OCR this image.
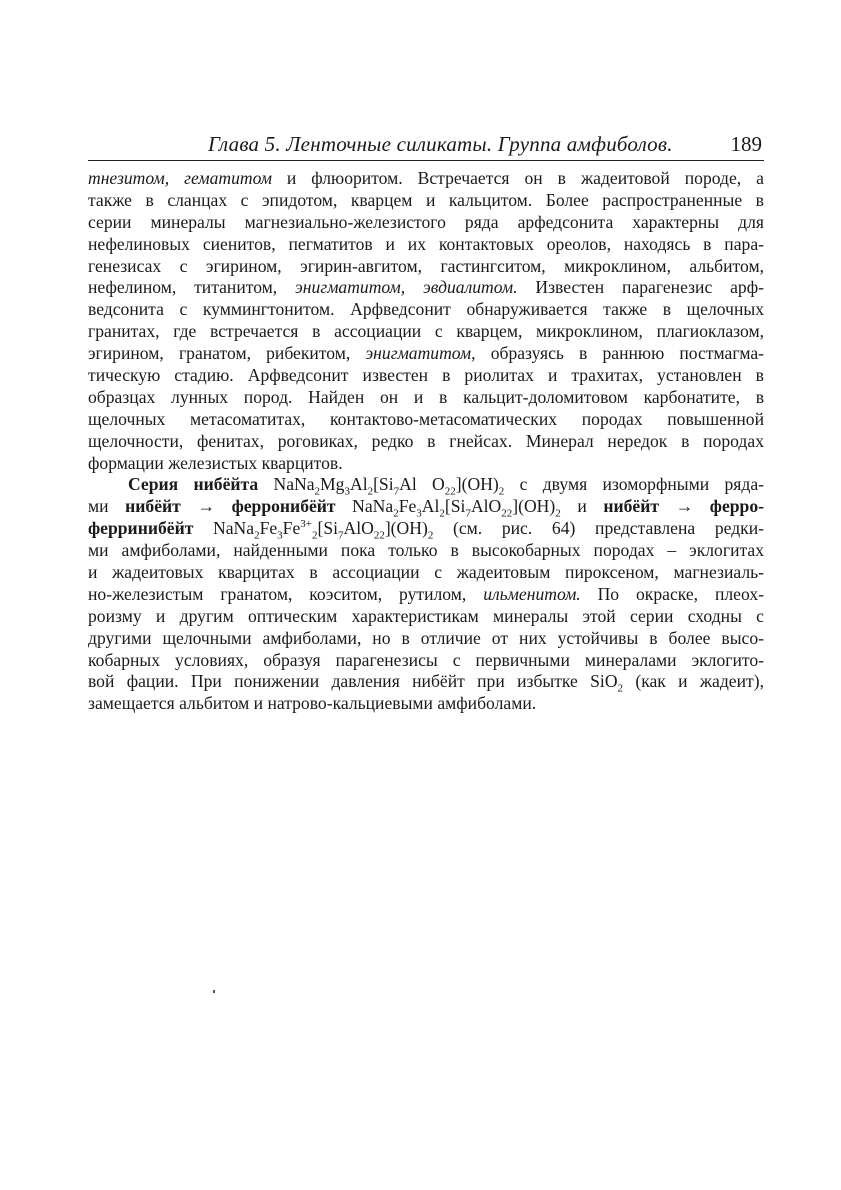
Глава 5. Ленточные силикаты. Группа амфиболов.	189
тнезитом, гематитом и флюоритом. Встречается он в жадеитовой породе, а
также в сланцах с эпидотом, кварцем и кальцитом. Более распространенные в
серии минералы магнезиально-железистого ряда арфедсонита характерны для
нефелиновых сиенитов, пегматитов и их контактовых ореолов, находясь в пара-
генезисах с эгирином, эгирин-авгитом, гастингситом, микроклином, альбитом,
нефелином, титанитом, энигматитом, эвдиалитом. Известен парагенезис арф-
ведсонита с куммингтонитом. Арфведсонит обнаруживается также в щелочных
гранитах, где встречается в ассоциации с кварцем, микроклином, плагиоклазом,
эгирином, гранатом, рибекитом, энигматитом, образуясь в раннюю постмагма-
тическую стадию. Арфведсонит известен в риолитах и трахитах, установлен в
образцах лунных пород. Найден он и в кальцит-доломитовом карбонатите, в
щелочных метасоматитах, контактово-метасоматических породах повышенной
щелочности, фенитах, роговиках, редко в гнейсах. Минерал нередок в породах
формации железистых кварцитов.
Серия нибёйта $NaNa_2Mg_3Al_2[Si_7Al$ $O_{22}](OH)_2$ с двумя изоморфными ряда-
ми нибёйт → ферронибёйт $NaNa_2Fe_3Al_2[Si_7AlO_{22}](OH)_2$ и нибёйт → ферро-
ферринибёйт $NaNa_2Fe_3Fe^{3+}_2[Si_7AlO_{22}](OH)_2$ (см. рис. 64) представлена редки-
ми амфиболами, найденными пока только в высокобарных породах – эклогитах
и жадеитовых кварцитах в ассоциации с жадеитовым пироксеном, магнезиаль-
но-железистым гранатом, коэситом, рутилом, ильменитом. По окраске, плеох-
роизму и другим оптическим характеристикам минералы этой серии сходны с
другими щелочными амфиболами, но в отличие от них устойчивы в более высо-
кобарных условиях, образуя парагенезисы с первичными минералами эклогито-
вой фации. При понижении давления нибёйт при избытке SiO$_2$ (как и жадеит),
замещается альбитом и натрово-кальциевыми амфиболами.
